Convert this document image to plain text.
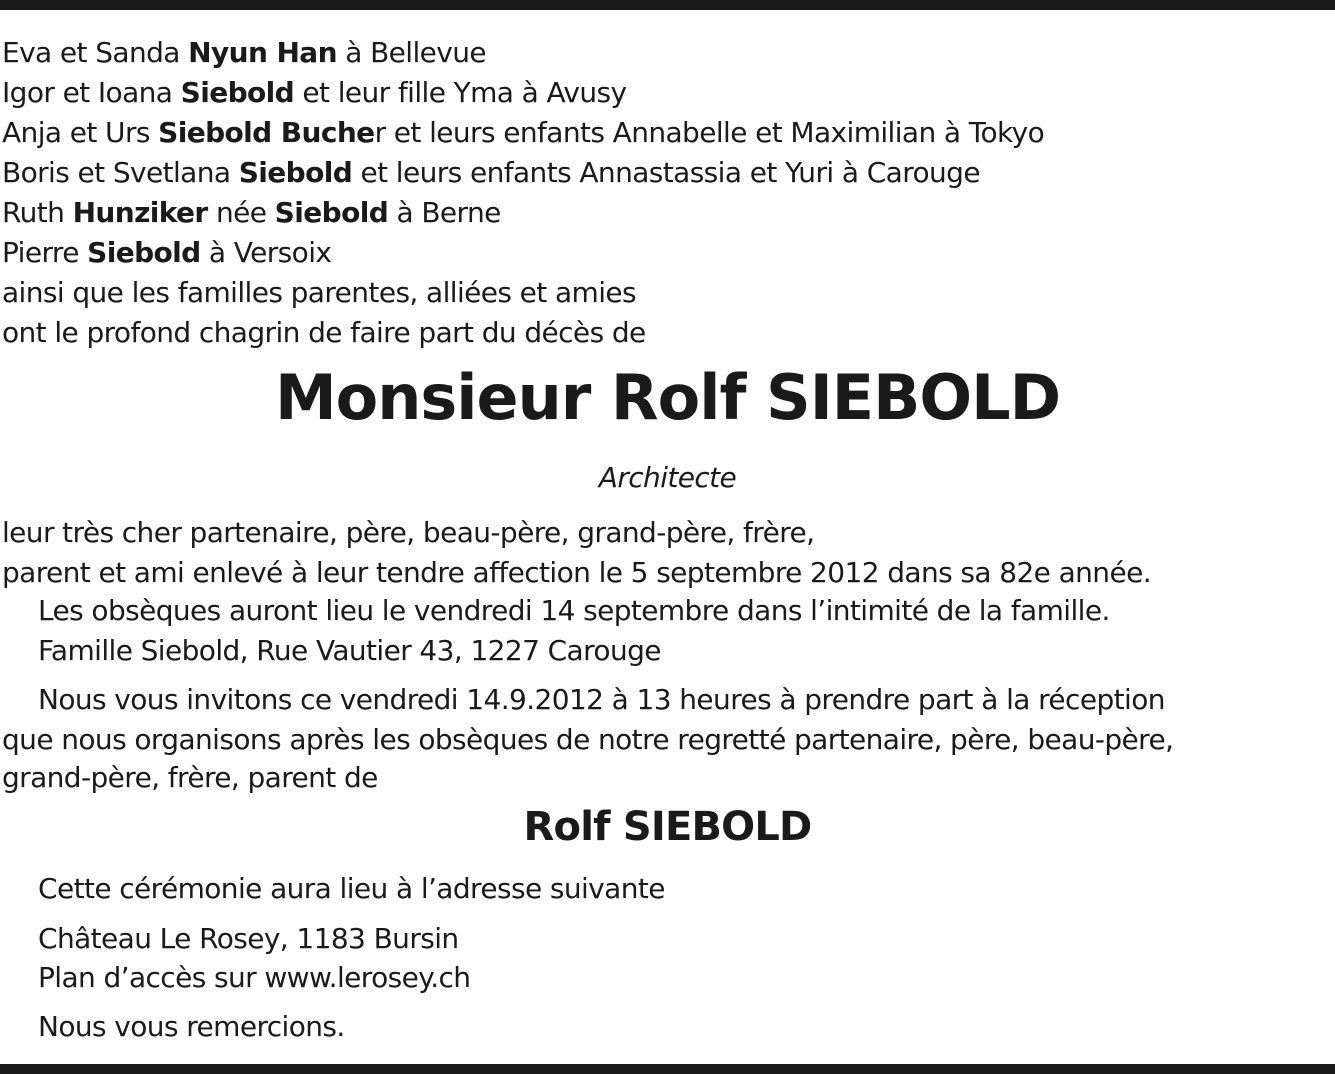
Eva et Sanda Nyun Han à Bellevue
Igor et Ioana Siebold et leur fille Yma à Avusy
Anja et Urs Siebold Bucher et leurs enfants Annabelle et Maximilian à Tokyo
Boris et Svetlana Siebold et leurs enfants Annastassia et Yuri à Carouge
Ruth Hunziker née Siebold à Berne
Pierre Siebold à Versoix
ainsi que les familles parentes, alliées et amies
ont le profond chagrin de faire part du décès de
Monsieur Rolf SIEBOLD
Architecte
leur très cher partenaire, père, beau-père, grand-père, frère,
parent et ami enlevé à leur tendre affection le 5 septembre 2012 dans sa 82e année.
Les obsèques auront lieu le vendredi 14 septembre dans l’intimité de la famille.
Famille Siebold, Rue Vautier 43, 1227 Carouge
Nous vous invitons ce vendredi 14.9.2012 à 13 heures à prendre part à la réception
que nous organisons après les obsèques de notre regretté partenaire, père, beau-père,
grand-père, frère, parent de
Rolf SIEBOLD
Cette cérémonie aura lieu à l’adresse suivante
Château Le Rosey, 1183 Bursin
Plan d’accès sur www.lerosey.ch
Nous vous remercions.
